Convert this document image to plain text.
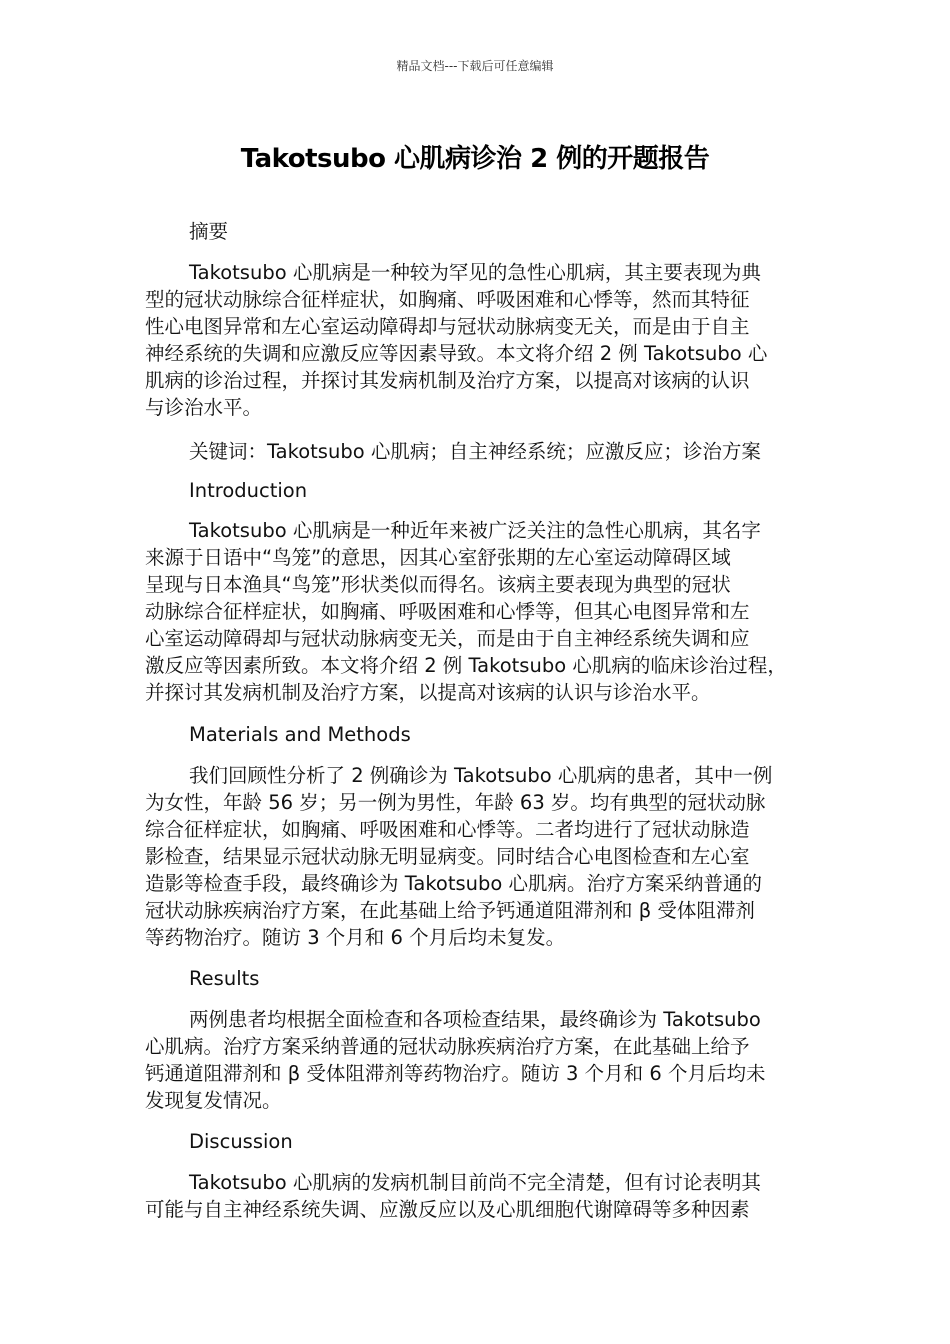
精品文档---下载后可任意编辑
Takotsubo 心肌病诊治 2 例的开题报告
摘要
Takotsubo 心肌病是一种较为罕见的急性心肌病，其主要表现为典
型的冠状动脉综合征样症状，如胸痛、呼吸困难和心悸等，然而其特征
性心电图异常和左心室运动障碍却与冠状动脉病变无关，而是由于自主
神经系统的失调和应激反应等因素导致。本文将介绍 2 例 Takotsubo 心
肌病的诊治过程，并探讨其发病机制及治疗方案，以提高对该病的认识
与诊治水平。
关键词：Takotsubo 心肌病；自主神经系统；应激反应；诊治方案
Introduction
Takotsubo 心肌病是一种近年来被广泛关注的急性心肌病，其名字
来源于日语中“鸟笼”的意思，因其心室舒张期的左心室运动障碍区域
呈现与日本渔具“鸟笼”形状类似而得名。该病主要表现为典型的冠状
动脉综合征样症状，如胸痛、呼吸困难和心悸等，但其心电图异常和左
心室运动障碍却与冠状动脉病变无关，而是由于自主神经系统失调和应
激反应等因素所致。本文将介绍 2 例 Takotsubo 心肌病的临床诊治过程，
并探讨其发病机制及治疗方案，以提高对该病的认识与诊治水平。
Materials and Methods
我们回顾性分析了 2 例确诊为 Takotsubo 心肌病的患者，其中一例
为女性，年龄 56 岁；另一例为男性，年龄 63 岁。均有典型的冠状动脉
综合征样症状，如胸痛、呼吸困难和心悸等。二者均进行了冠状动脉造
影检查，结果显示冠状动脉无明显病变。同时结合心电图检查和左心室
造影等检查手段，最终确诊为 Takotsubo 心肌病。治疗方案采纳普通的
冠状动脉疾病治疗方案，在此基础上给予钙通道阻滞剂和 β 受体阻滞剂
等药物治疗。随访 3 个月和 6 个月后均未复发。
Results
两例患者均根据全面检查和各项检查结果，最终确诊为 Takotsubo
心肌病。治疗方案采纳普通的冠状动脉疾病治疗方案，在此基础上给予
钙通道阻滞剂和 β 受体阻滞剂等药物治疗。随访 3 个月和 6 个月后均未
发现复发情况。
Discussion
Takotsubo 心肌病的发病机制目前尚不完全清楚，但有讨论表明其
可能与自主神经系统失调、应激反应以及心肌细胞代谢障碍等多种因素
